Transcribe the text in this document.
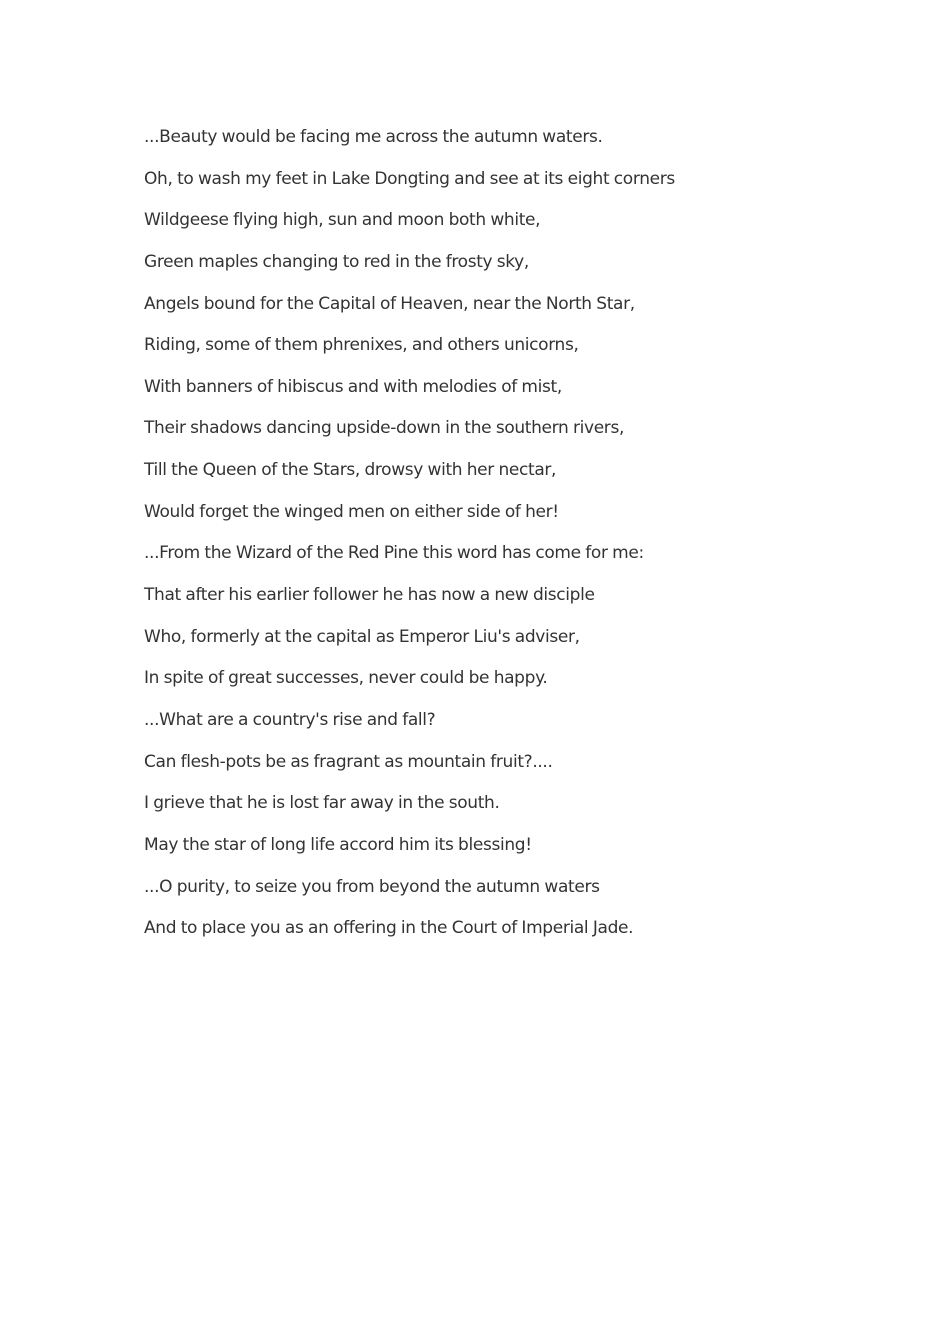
...Beauty would be facing me across the autumn waters.
Oh, to wash my feet in Lake Dongting and see at its eight corners
Wildgeese flying high, sun and moon both white,
Green maples changing to red in the frosty sky,
Angels bound for the Capital of Heaven, near the North Star,
Riding, some of them phrenixes, and others unicorns,
With banners of hibiscus and with melodies of mist,
Their shadows dancing upside-down in the southern rivers,
Till the Queen of the Stars, drowsy with her nectar,
Would forget the winged men on either side of her!
...From the Wizard of the Red Pine this word has come for me:
That after his earlier follower he has now a new disciple
Who, formerly at the capital as Emperor Liu's adviser,
In spite of great successes, never could be happy.
...What are a country's rise and fall?
Can flesh-pots be as fragrant as mountain fruit?....
I grieve that he is lost far away in the south.
May the star of long life accord him its blessing!
...O purity, to seize you from beyond the autumn waters
And to place you as an offering in the Court of Imperial Jade.
